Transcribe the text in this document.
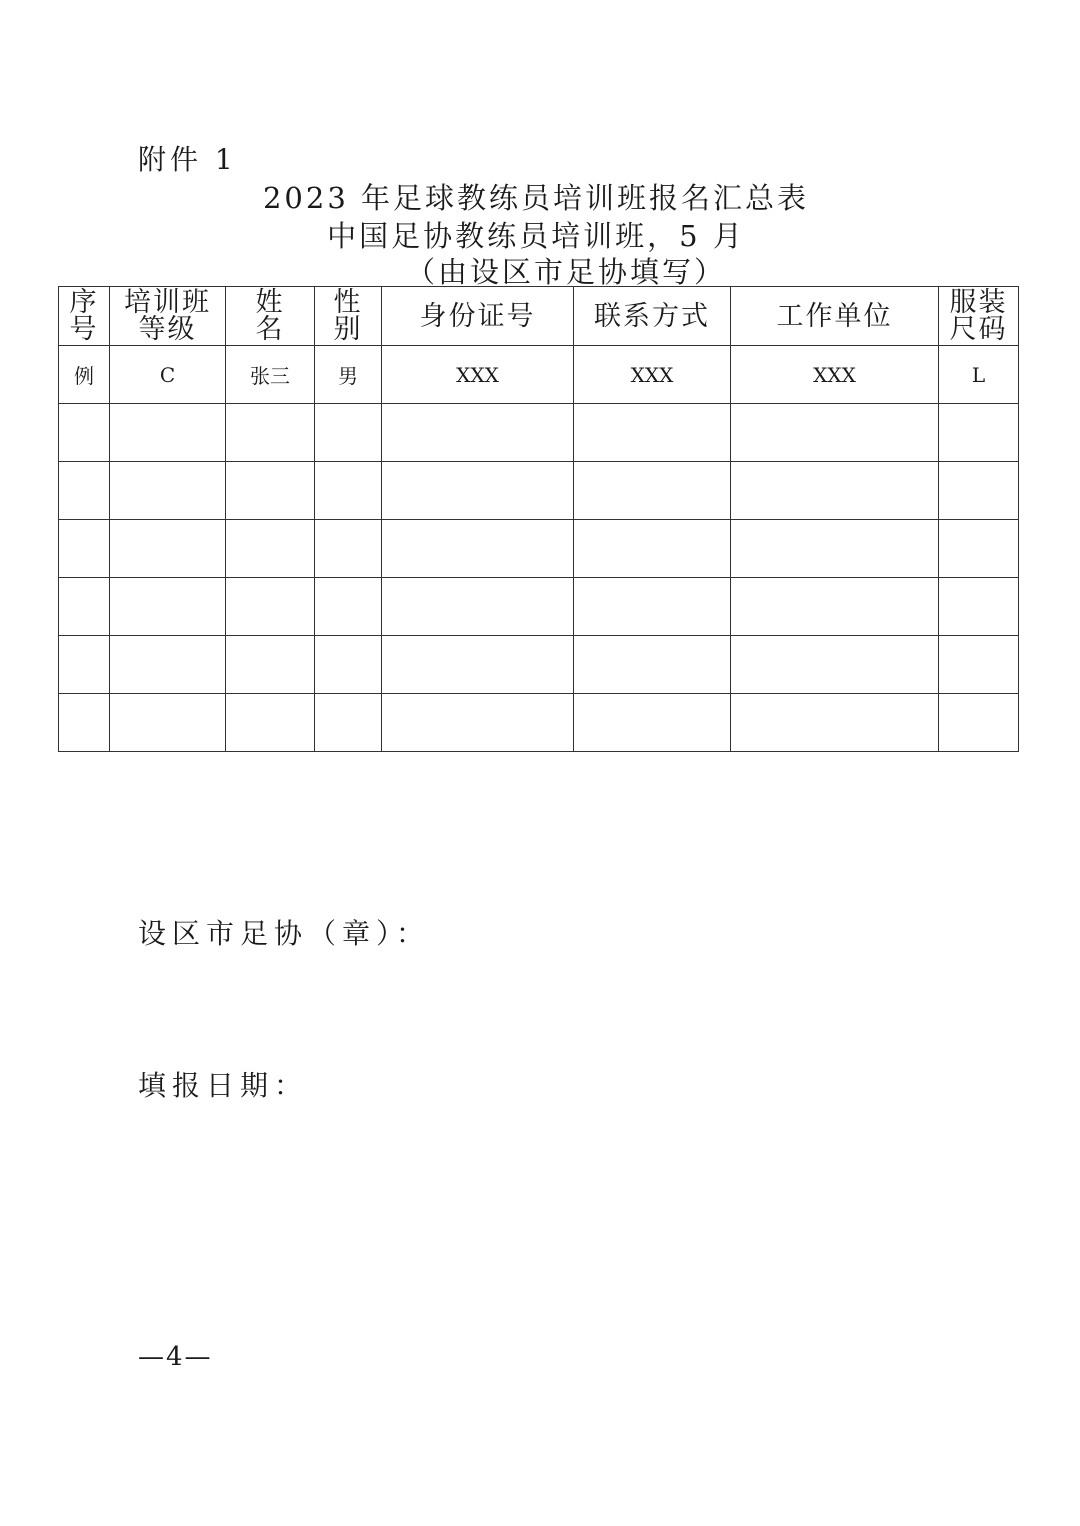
附件 1
2023 年足球教练员培训班报名汇总表
中国足协教练员培训班，5 月
（由设区市足协填写）
序号	培训班等级	姓名	性别	身份证号	联系方式	工作单位	服装尺码

例	C	张三	男	XXX	XXX	XXX	L

设区市足协（章）：
填报日期：
—4—
